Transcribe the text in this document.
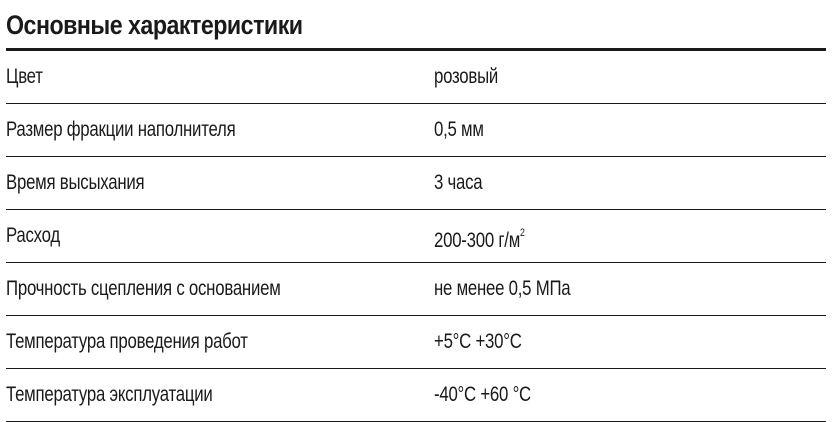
Основные характеристики
Цвет	розовый
Размер фракции наполнителя	0,5 мм
Время высыхания	3 часа
Расход	200-300 $г/м^2$
Прочность сцепления с основанием	не менее 0,5 МПа
Температура проведения работ	+5°С +30°С
Температура эксплуатации	-40°С +60 °С
